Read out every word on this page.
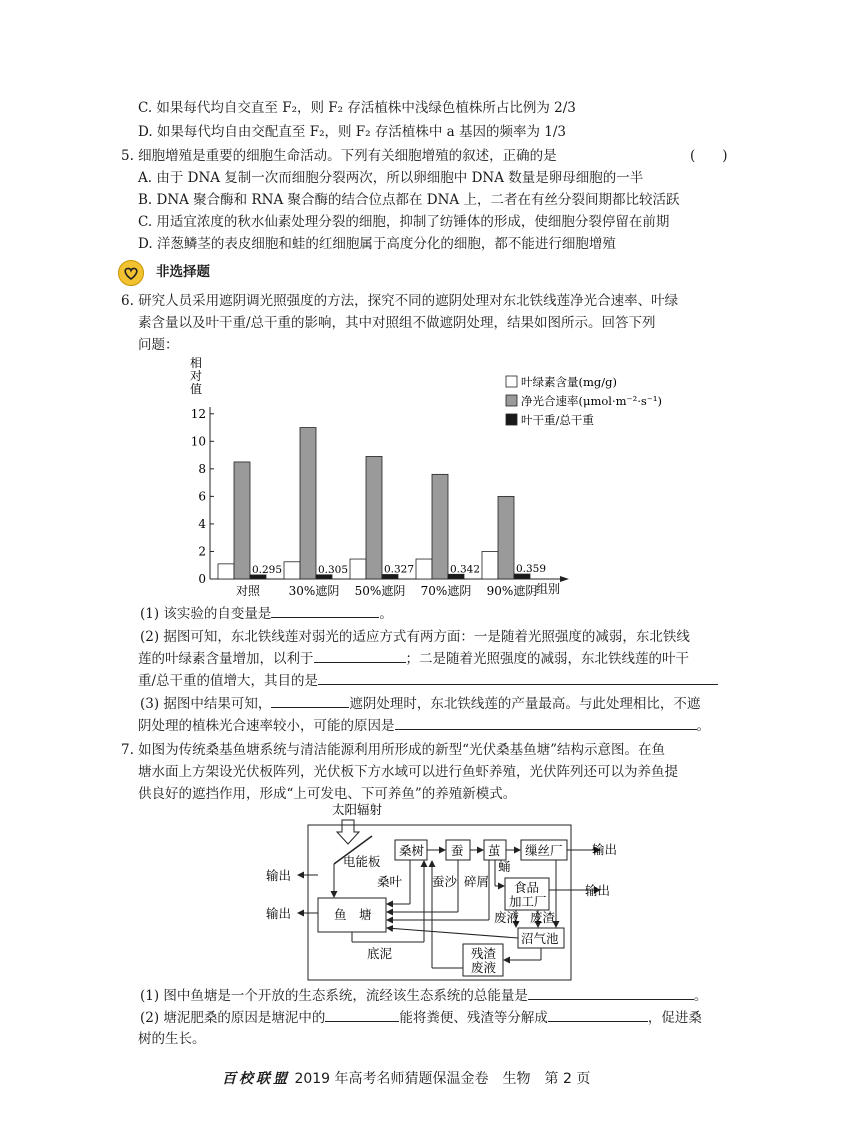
C. 如果每代均自交直至 F₂，则 F₂ 存活植株中浅绿色植株所占比例为 2/3
D. 如果每代均自由交配直至 F₂，则 F₂ 存活植株中 a 基因的频率为 1/3
5. 细胞增殖是重要的细胞生命活动。下列有关细胞增殖的叙述，正确的是	(　　)
A. 由于 DNA 复制一次而细胞分裂两次，所以卵细胞中 DNA 数量是卵母细胞的一半
B. DNA 聚合酶和 RNA 聚合酶的结合位点都在 DNA 上，二者在有丝分裂间期都比较活跃
C. 用适宜浓度的秋水仙素处理分裂的细胞，抑制了纺锤体的形成，使细胞分裂停留在前期
D. 洋葱鳞茎的表皮细胞和蛙的红细胞属于高度分化的细胞，都不能进行细胞增殖
非选择题
6. 研究人员采用遮阴调光照强度的方法，探究不同的遮阴处理对东北铁线莲净光合速率、叶绿
素含量以及叶干重/总干重的影响，其中对照组不做遮阴处理，结果如图所示。回答下列
问题：
相
对
值
0
2
4
6
8
10
12
0.295	0.305	0.327	0.342	0.359
对照 30%遮阴 50%遮阴 70%遮阴 90%遮阴
组别
叶绿素含量(mg/g)
净光合速率(μmol·m⁻²·s⁻¹)
叶干重/总干重
(1) 该实验的自变量是	。
(2) 据图可知，东北铁线莲对弱光的适应方式有两方面：一是随着光照强度的减弱，东北铁线
莲的叶绿素含量增加，以利于	；二是随着光照强度的减弱，东北铁线莲的叶干
重/总干重的值增大，其目的是
(3) 据图中结果可知，	遮阴处理时，东北铁线莲的产量最高。与此处理相比，不遮
阴处理的植株光合速率较小，可能的原因是	。
7. 如图为传统桑基鱼塘系统与清洁能源利用所形成的新型“光伏桑基鱼塘”结构示意图。在鱼
塘水面上方架设光伏板阵列，光伏板下方水域可以进行鱼虾养殖，光伏阵列还可以为养鱼提
供良好的遮挡作用，形成“上可发电、下可养鱼”的养殖新模式。
太阳辐射
电能板
桑树 蚕 茧 缫丝厂
食品
加工厂
鱼　塘
沼气池
残渣
废液
输出
输出
蛹
输出
输出
桑叶 蚕沙 碎屑
废液 废渣
底泥
(1) 图中鱼塘是一个开放的生态系统，流经该生态系统的总能量是	。
(2) 塘泥肥桑的原因是塘泥中的	能将粪便、残渣等分解成	，促进桑
树的生长。
百校联盟 2019 年高考名师猜题保温金卷　生物　第 2 页
